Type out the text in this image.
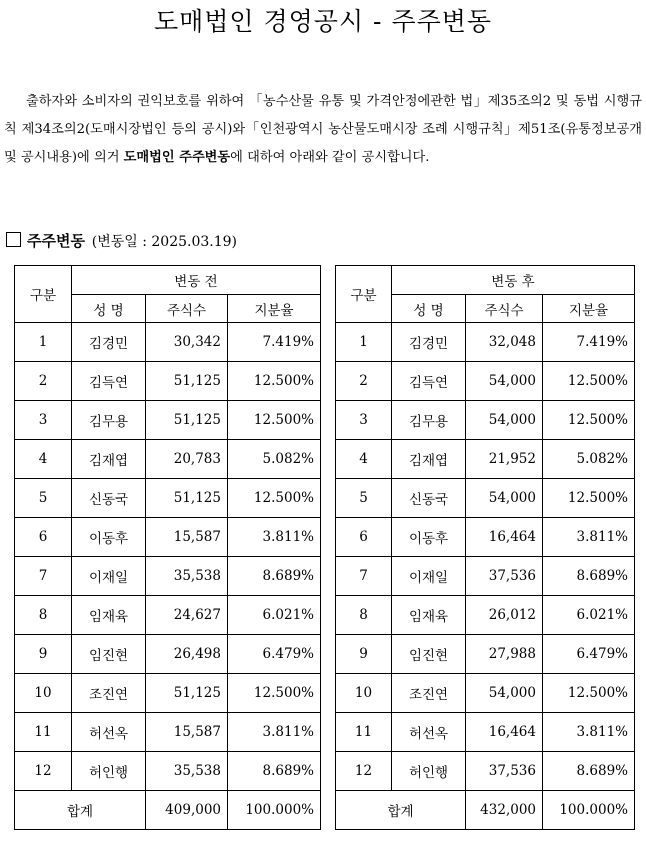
도매법인 경영공시 - 주주변동
출하자와 소비자의 권익보호를 위하여 「농수산물 유통 및 가격안정에관한 법」제35조의2 및 동법 시행규칙 제34조의2(도매시장법인 등의 공시)와「인천광역시 농산물도매시장 조례 시행규칙」제51조(유통정보공개 및 공시내용)에 의거 도매법인 주주변동에 대하여 아래와 같이 공시합니다.
주주변동 (변동일 : 2025.03.19)
구분	변동 전		
	성 명	주식수	지분율
1	김경민	30,342	7.419%
2	김득연	51,125	12.500%
3	김무용	51,125	12.500%
4	김재엽	20,783	5.082%
5	신동국	51,125	12.500%
6	이동후	15,587	3.811%
7	이재일	35,538	8.689%
8	임재육	24,627	6.021%
9	임진현	26,498	6.479%
10	조진연	51,125	12.500%
11	허선옥	15,587	3.811%
12	허인행	35,538	8.689%
합계		409,000	100.000%
구분	변동 후		
	성 명	주식수	지분율
1	김경민	32,048	7.419%
2	김득연	54,000	12.500%
3	김무용	54,000	12.500%
4	김재엽	21,952	5.082%
5	신동국	54,000	12.500%
6	이동후	16,464	3.811%
7	이재일	37,536	8.689%
8	임재육	26,012	6.021%
9	임진현	27,988	6.479%
10	조진연	54,000	12.500%
11	허선옥	16,464	3.811%
12	허인행	37,536	8.689%
합계		432,000	100.000%
